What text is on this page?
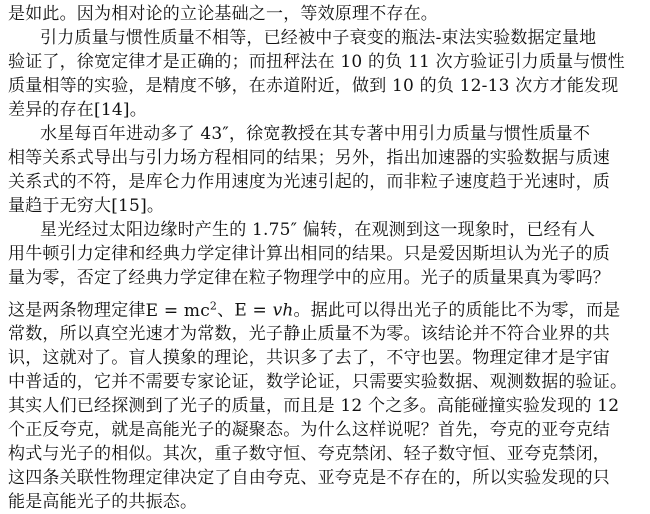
是如此。因为相对论的立论基础之一，等效原理不存在。
引力质量与惯性质量不相等，已经被中子衰变的瓶法-束法实验数据定量地
验证了，徐宽定律才是正确的；而扭秤法在 10 的负 11 次方验证引力质量与惯性
质量相等的实验，是精度不够，在赤道附近，做到 10 的负 12-13 次方才能发现
差异的存在[14]。
水星每百年进动多了 43″，徐宽教授在其专著中用引力质量与惯性质量不
相等关系式导出与引力场方程相同的结果；另外，指出加速器的实验数据与质速
关系式的不符，是库仑力作用速度为光速引起的，而非粒子速度趋于光速时，质
量趋于无穷大[15]。
星光经过太阳边缘时产生的 1.75″ 偏转，在观测到这一现象时，已经有人
用牛顿引力定律和经典力学定律计算出相同的结果。只是爱因斯坦认为光子的质
量为零，否定了经典力学定律在粒子物理学中的应用。光子的质量果真为零吗？
这是两条物理定律$E = mc^2$、E = vh。据此可以得出光子的质能比不为零，而是
常数，所以真空光速才为常数，光子静止质量不为零。该结论并不符合业界的共
识，这就对了。盲人摸象的理论，共识多了去了，不守也罢。物理定律才是宇宙
中普适的，它并不需要专家论证，数学论证，只需要实验数据、观测数据的验证。
其实人们已经探测到了光子的质量，而且是 12 个之多。高能碰撞实验发现的 12
个正反夸克，就是高能光子的凝聚态。为什么这样说呢？首先，夸克的亚夸克结
构式与光子的相似。其次，重子数守恒、夸克禁闭、轻子数守恒、亚夸克禁闭，
这四条关联性物理定律决定了自由夸克、亚夸克是不存在的，所以实验发现的只
能是高能光子的共振态。
